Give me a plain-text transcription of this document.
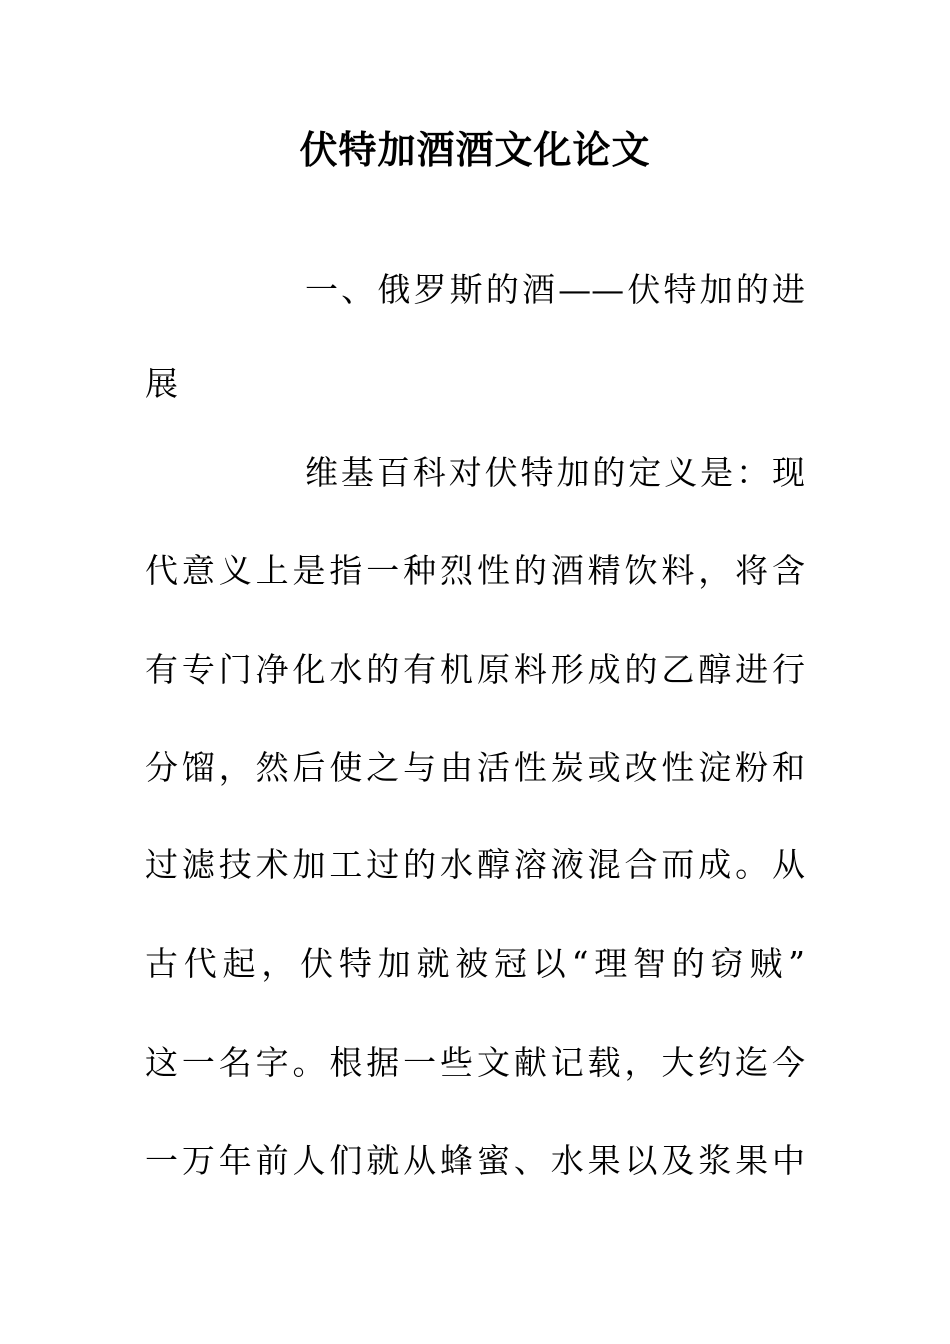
伏特加酒酒文化论文
一、俄罗斯的酒——伏特加的进
展
维基百科对伏特加的定义是：现
代意义上是指一种烈性的酒精饮料，将含
有专门净化水的有机原料形成的乙醇进行
分馏，然后使之与由活性炭或改性淀粉和
过滤技术加工过的水醇溶液混合而成。从
古代起，伏特加就被冠以“理智的窃贼”
这一名字。根据一些文献记载，大约迄今
一万年前人们就从蜂蜜、水果以及浆果中
